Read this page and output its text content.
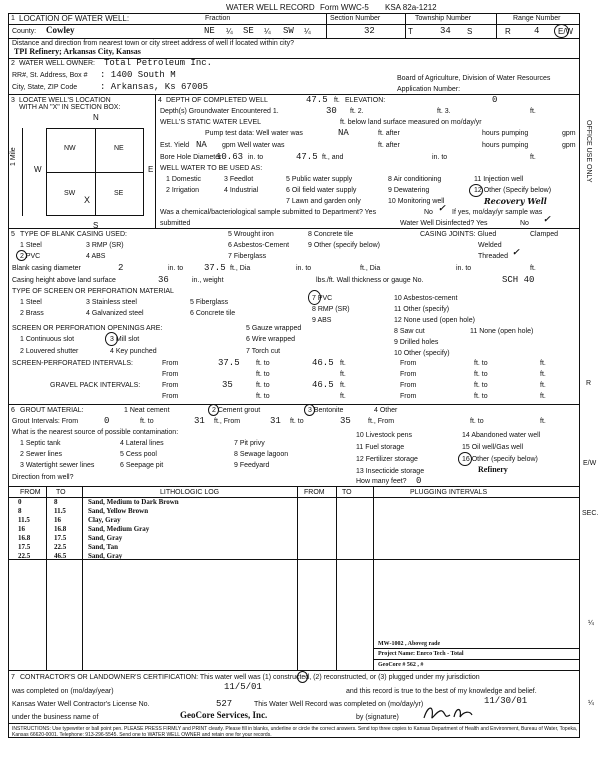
WATER WELL RECORD Form WWC-5 KSA 82a-1212
1 LOCATION OF WATER WELL:	Fraction	Section Number	Township Number	Range Number
County: Cowley	NE ¼ SE ¼ SW ¼	32	T	34 S	R	4 E/W
Distance and direction from nearest town or city street address of well if located within city?
TPI Refinery; Arkansas City, Kansas
2 WATER WELL OWNER: Total Petroleum Inc.
RR#, St. Address, Box # : 1400 South M
City, State, ZIP Code	: Arkansas, Ks 67005
Board of Agriculture, Division of Water Resources
Application Number:
3 LOCATE WELL'S LOCATION
WITH AN "X" IN SECTION BOX:
N
S
W	E
1 Mile	NW	NE
SW	SE
X
4 DEPTH OF COMPLETED WELL	47.5 ft. ELEVATION:	0
Depth(s) Groundwater Encountered 1.	30 ft. 2.	ft. 3.	ft.
WELL'S STATIC WATER LEVEL	ft. below land surface measured on mo/day/yr
Pump test data: Well water was	NA	ft. after	hours pumping	gpm
Est. Yield NA gpm Well water was	ft. after	hours pumping	gpm
Bore Hole Diameter
10.63 in. to	47.5 ft., and	in. to	ft.
WELL WATER TO BE USED AS:
1 Domestic	3 Feedlot	5 Public water supply	8 Air conditioning	11 Injection well
2 Irrigation	4 Industrial	6 Oil field water supply	9 Dewatering	12 Other (Specify below)
7 Lawn and garden only	10 Monitoring well	Recovery Well
Was a chemical/bacteriological sample submitted to Department? Yes	No ✓ If yes, mo/day/yr sample was
submitted	Water Well Disinfected? Yes	No ✓
5 TYPE OF BLANK CASING USED:	5 Wrought iron	8 Concrete tile
1 Steel	3 RMP (SR)	6 Asbestos-Cement	9 Other (specify below)
2 PVC	4 ABS	7 Fiberglass
CASING JOINTS: Glued	Clamped
Welded
Threaded ✓
Blank casing diameter	2	in. to 37.5 ft., Dia	in. to	ft., Dia	in. to	ft.
Casing height above land surface	36	in., weight	lbs./ft. Wall thickness or gauge No.	SCH 40
TYPE OF SCREEN OR PERFORATION MATERIAL
1 Steel	3 Stainless steel	5 Fiberglass
7 PVC	10 Asbestos-cement
2 Brass	4 Galvanized steel	6 Concrete tile
8 RMP (SR)	11 Other (specify)
9 ABS	12 None used (open hole)
SCREEN OR PERFORATION OPENINGS ARE:	5 Gauze wrapped	8 Saw cut	11 None (open hole)
1 Continuous slot	3 Mill slot	6 Wire wrapped	9 Drilled holes
2 Louvered shutter	4 Key punched	7 Torch cut	10 Other (specify)
SCREEN-PERFORATED INTERVALS:	From	37.5 ft. to	46.5 ft.	From	ft. to	ft.
From	ft. to	ft.	From	ft. to	ft.
GRAVEL PACK INTERVALS:	From	35	ft. to	46.5 ft.	From	ft. to	ft.
From	ft. to	ft.	From	ft. to	ft.
6 GROUT MATERIAL:	1 Neat cement	2 Cement grout	3 Bentonite	4 Other
Grout Intervals: From	0	ft. to	31 ft., From	31 ft. to	35 ft., From	ft. to	ft.
What is the nearest source of possible contamination:
1 Septic tank	4 Lateral lines	7 Pit privy
10 Livestock pens	14 Abandoned water well
2 Sewer lines	5 Cess pool	8 Sewage lagoon
11 Fuel storage	15 Oil well/Gas well
3 Watertight sewer lines	6 Seepage pit	9 Feedyard
12 Fertilizer storage	16 Other (specify below)
13 Insecticide storage	Refinery
Direction from well?
How many feet? 0
FROM TO	LITHOLOGIC LOG	FROM TO	PLUGGING INTERVALS
0	8	Sand, Medium to Dark Brown
8	11.5	Sand, Yellow Brown
11.5	16	Clay, Gray
16	16.8	Sand, Medium Gray
16.8	17.5	Sand, Gray
17.5	22.5	Sand, Tan
22.5	46.5	Sand, Gray
MW-1002 , Aboveg rade
Project Name: Enrco Tech - Total
GeoCore # 562 , #
7 CONTRACTOR'S OR LANDOWNER'S CERTIFICATION: This water well was (1) constructed, (2) reconstructed, or (3) plugged under my jurisdiction
was completed on (mo/day/year)	11/5/01	and this record is true to the best of my knowledge and belief.
Kansas Water Well Contractor's License No.	527	This Water Well Record was completed on (mo/day/yr)	11/30/01
under the business name of	GeoCore Services, Inc.	by (signature)
INSTRUCTIONS: Use typewriter or ball point pen. PLEASE PRESS FIRMLY and PRINT clearly. Please fill in blanks, underline or circle the correct answers. Send top three copies to Kansas Department of Health and Environment, Bureau of Water, Topeka, Kansas 66620-0001. Telephone: 913-296-5545. Send one to WATER WELL OWNER and retain one for your records.
OFFICE USE ONLY
R
E/W
SEC.
¼
¼
